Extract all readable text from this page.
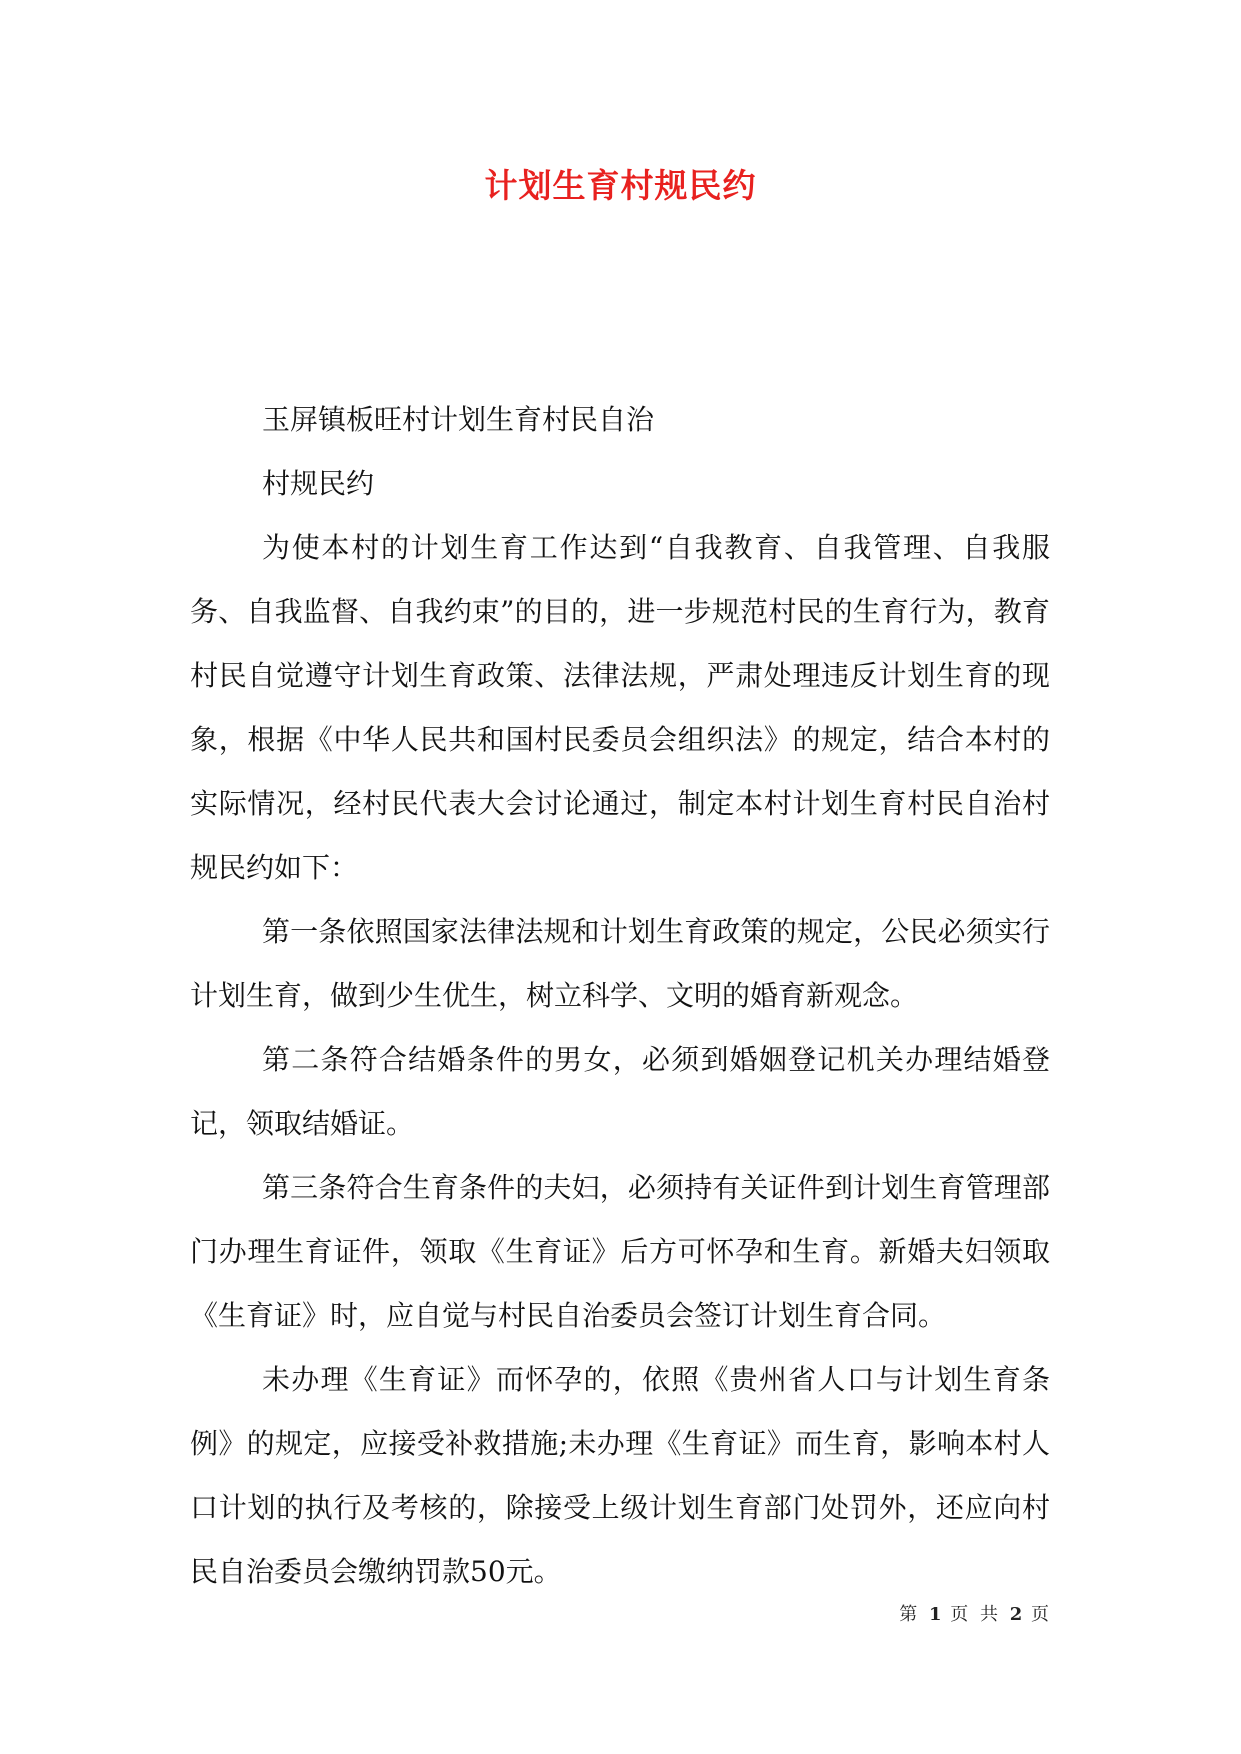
计划生育村规民约

玉屏镇板旺村计划生育村民自治

村规民约

为使本村的计划生育工作达到“自我教育、自我管理、自我服务、自我监督、自我约束”的目的，进一步规范村民的生育行为，教育村民自觉遵守计划生育政策、法律法规，严肃处理违反计划生育的现象，根据《中华人民共和国村民委员会组织法》的规定，结合本村的实际情况，经村民代表大会讨论通过，制定本村计划生育村民自治村规民约如下：

第一条依照国家法律法规和计划生育政策的规定，公民必须实行计划生育，做到少生优生，树立科学、文明的婚育新观念。

第二条符合结婚条件的男女，必须到婚姻登记机关办理结婚登记，领取结婚证。

第三条符合生育条件的夫妇，必须持有关证件到计划生育管理部门办理生育证件，领取《生育证》后方可怀孕和生育。新婚夫妇领取《生育证》时，应自觉与村民自治委员会签订计划生育合同。

未办理《生育证》而怀孕的，依照《贵州省人口与计划生育条例》的规定，应接受补救措施;未办理《生育证》而生育，影响本村人口计划的执行及考核的，除接受上级计划生育部门处罚外，还应向村民自治委员会缴纳罚款50元。

第 1 页 共 2 页
